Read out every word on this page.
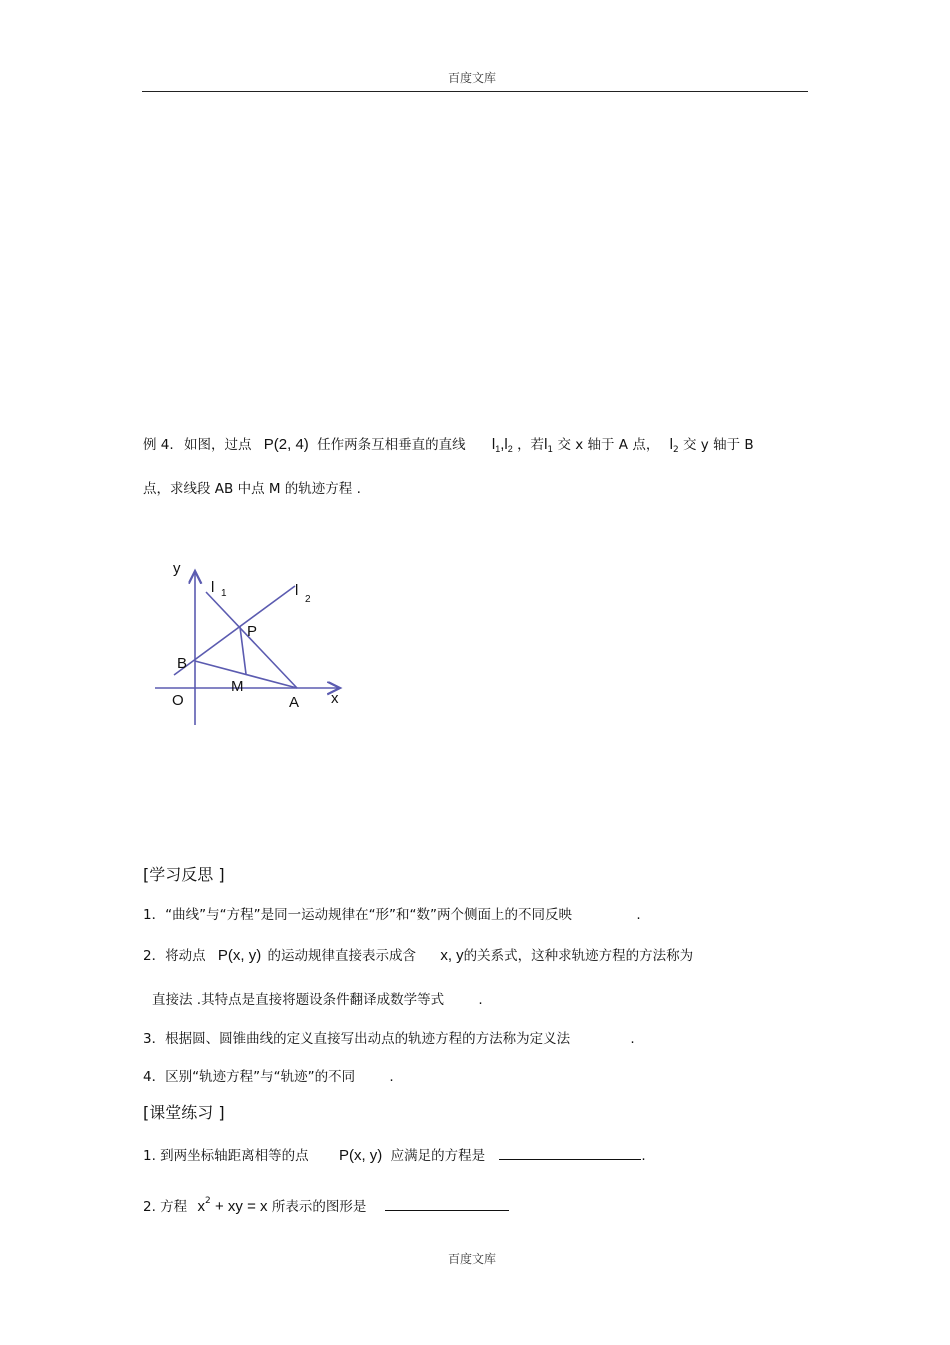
百度文库
例 4. 如图，过点 P(2, 4) 任作两条互相垂直的直线 $l_1,l_2$ ，若$l_1$ 交 x 轴于 A 点， $l_2$ 交 y 轴于 B
点，求线段 AB 中点 M 的轨迹方程 .
y
x
l 1	l
2
P
B
M
O	A
[学习反思 ]
1．“曲线”与“方程”是同一运动规律在“形”和“数”两个侧面上的不同反映	.
2．将动点 P(x, y) 的运动规律直接表示成含 x, y的关系式，这种求轨迹方程的方法称为
直接法 .其特点是直接将题设条件翻译成数学等式	.
3．根据圆、圆锥曲线的定义直接写出动点的轨迹方程的方法称为定义法	.
4．区别“轨迹方程”与“轨迹”的不同	.
[课堂练习 ]
1. 到两坐标轴距离相等的点 P(x, y) 应满足的方程是	.
2. 方程 $x^2$ + xy = x 所表示的图形是
百度文库
